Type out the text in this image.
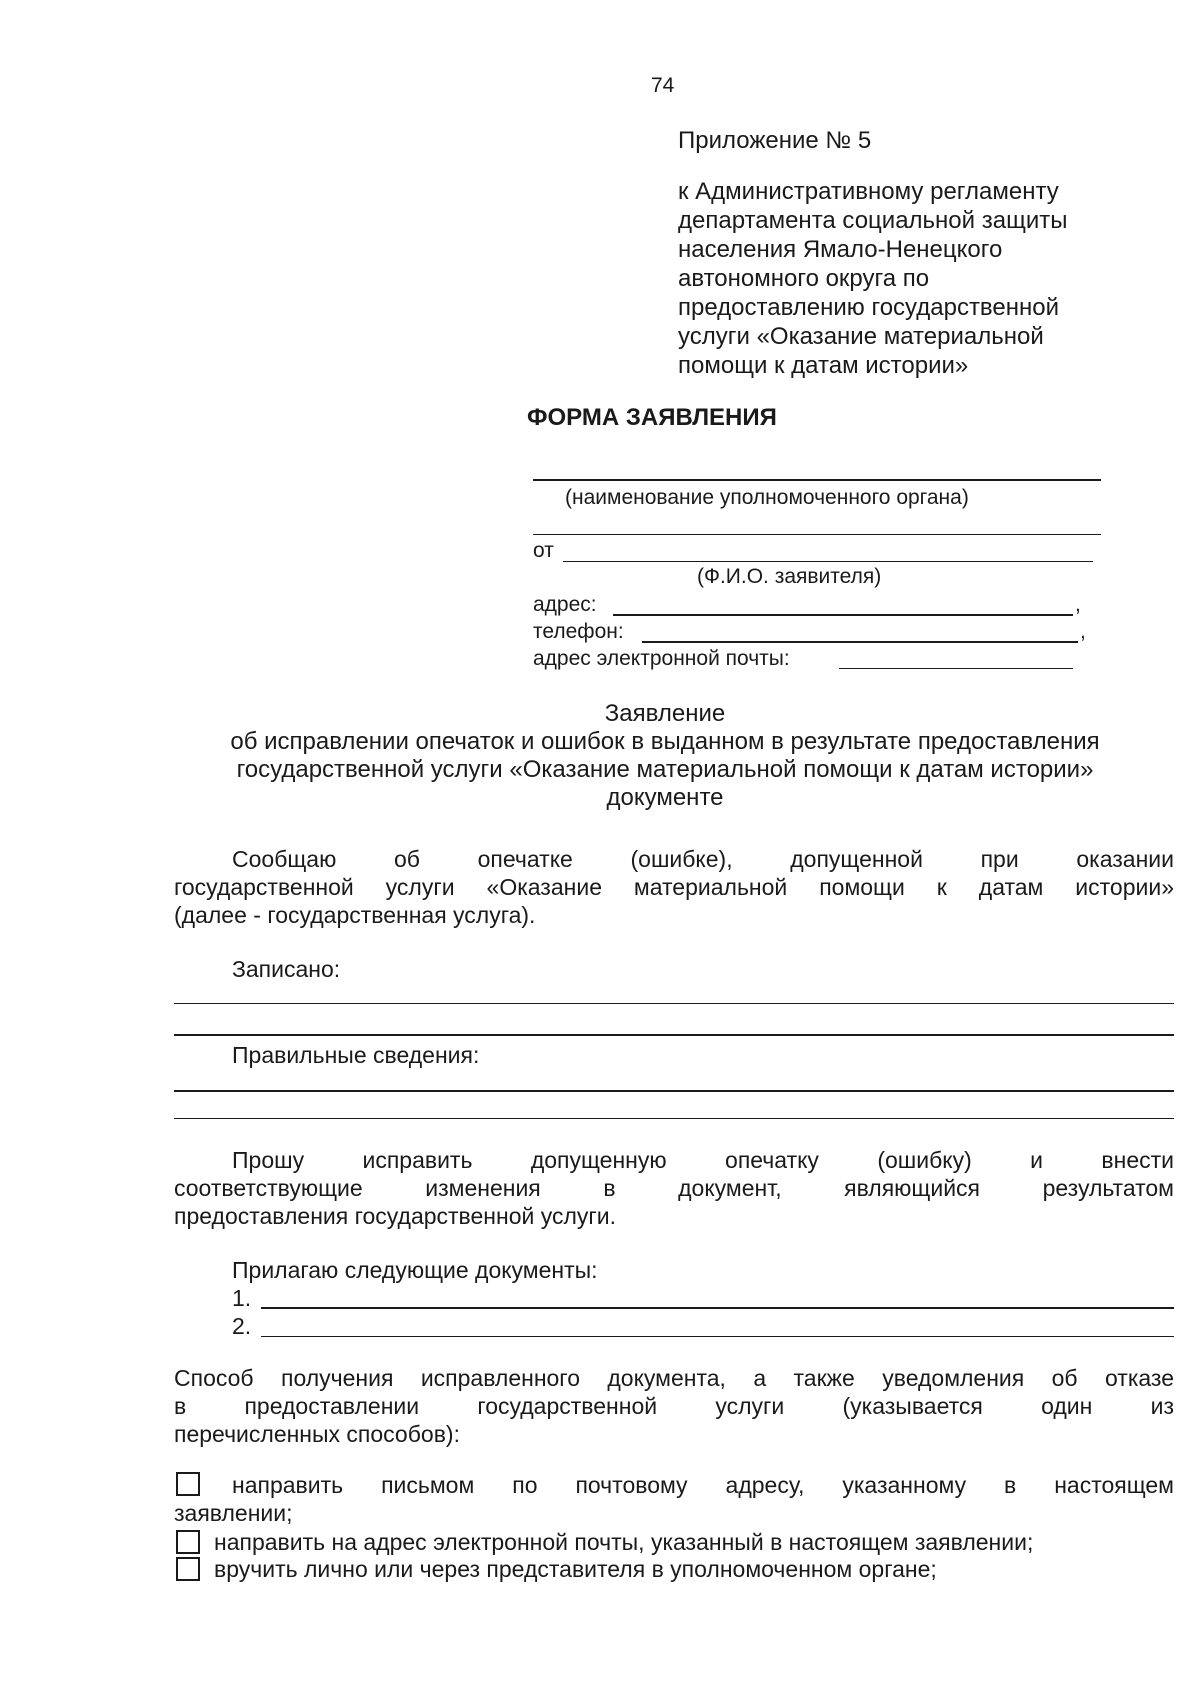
74
Приложение № 5
к Административному регламенту
департамента социальной защиты
населения Ямало-Ненецкого
автономного округа по
предоставлению государственной
услуги «Оказание материальной
помощи к датам истории»
ФОРМА ЗАЯВЛЕНИЯ
(наименование уполномоченного органа)
от
(Ф.И.О. заявителя)
адрес:	,
телефон:	,
адрес электронной почты:
Заявление
об исправлении опечаток и ошибок в выданном в результате предоставления
государственной услуги «Оказание материальной помощи к датам истории»
документе
Сообщаю об опечатке (ошибке), допущенной при оказании
государственной услуги «Оказание материальной помощи к датам истории»
(далее - государственная услуга).
Записано:
Правильные сведения:
Прошу исправить допущенную опечатку (ошибку) и внести
соответствующие изменения в документ, являющийся результатом
предоставления государственной услуги.
Прилагаю следующие документы:
1.
2.
Способ получения исправленного документа, а также уведомления об отказе
в предоставлении государственной услуги (указывается один из
перечисленных способов):
направить письмом по почтовому адресу, указанному в настоящем
заявлении;
направить на адрес электронной почты, указанный в настоящем заявлении;
вручить лично или через представителя в уполномоченном органе;
